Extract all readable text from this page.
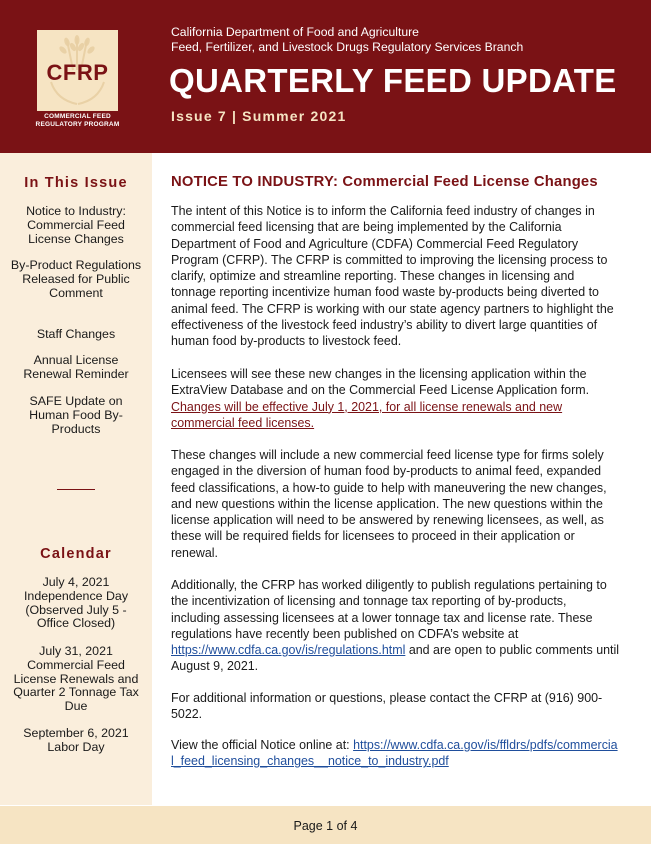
CFRP
COMMERCIAL FEED
REGULATORY PROGRAM
California Department of Food and Agriculture
Feed, Fertilizer, and Livestock Drugs Regulatory Services Branch
QUARTERLY FEED UPDATE
Issue 7 | Summer 2021
In This Issue
Notice to Industry: Commercial Feed License Changes
By-Product Regulations Released for Public Comment
Staff Changes
Annual License Renewal Reminder
SAFE Update on Human Food By-Products
Calendar
July 4, 2021 Independence Day (Observed July 5 - Office Closed)
July 31, 2021 Commercial Feed License Renewals and Quarter 2 Tonnage Tax Due
September 6, 2021 Labor Day
NOTICE TO INDUSTRY: Commercial Feed License Changes

The intent of this Notice is to inform the California feed industry of changes in commercial feed licensing that are being implemented by the California Department of Food and Agriculture (CDFA) Commercial Feed Regulatory Program (CFRP). The CFRP is committed to improving the licensing process to clarify, optimize and streamline reporting. These changes in licensing and tonnage reporting incentivize human food waste by-products being diverted to animal feed. The CFRP is working with our state agency partners to highlight the effectiveness of the livestock feed industry’s ability to divert large quantities of human food by-products to livestock feed.

Licensees will see these new changes in the licensing application within the ExtraView Database and on the Commercial Feed License Application form. Changes will be effective July 1, 2021, for all license renewals and new commercial feed licenses.

These changes will include a new commercial feed license type for firms solely engaged in the diversion of human food by-products to animal feed, expanded feed classifications, a how-to guide to help with maneuvering the new changes, and new questions within the license application. The new questions within the license application will need to be answered by renewing licensees, as well, as these will be required fields for licensees to proceed in their application or renewal.

Additionally, the CFRP has worked diligently to publish regulations pertaining to the incentivization of licensing and tonnage tax reporting of by-products, including assessing licensees at a lower tonnage tax and license rate. These regulations have recently been published on CDFA’s website at https://www.cdfa.ca.gov/is/regulations.html and are open to public comments until August 9, 2021.

For additional information or questions, please contact the CFRP at (916) 900-5022.

View the official Notice online at: https://www.cdfa.ca.gov/is/ffldrs/pdfs/commercial_feed_licensing_changes__notice_to_industry.pdf

Page 1 of 4
